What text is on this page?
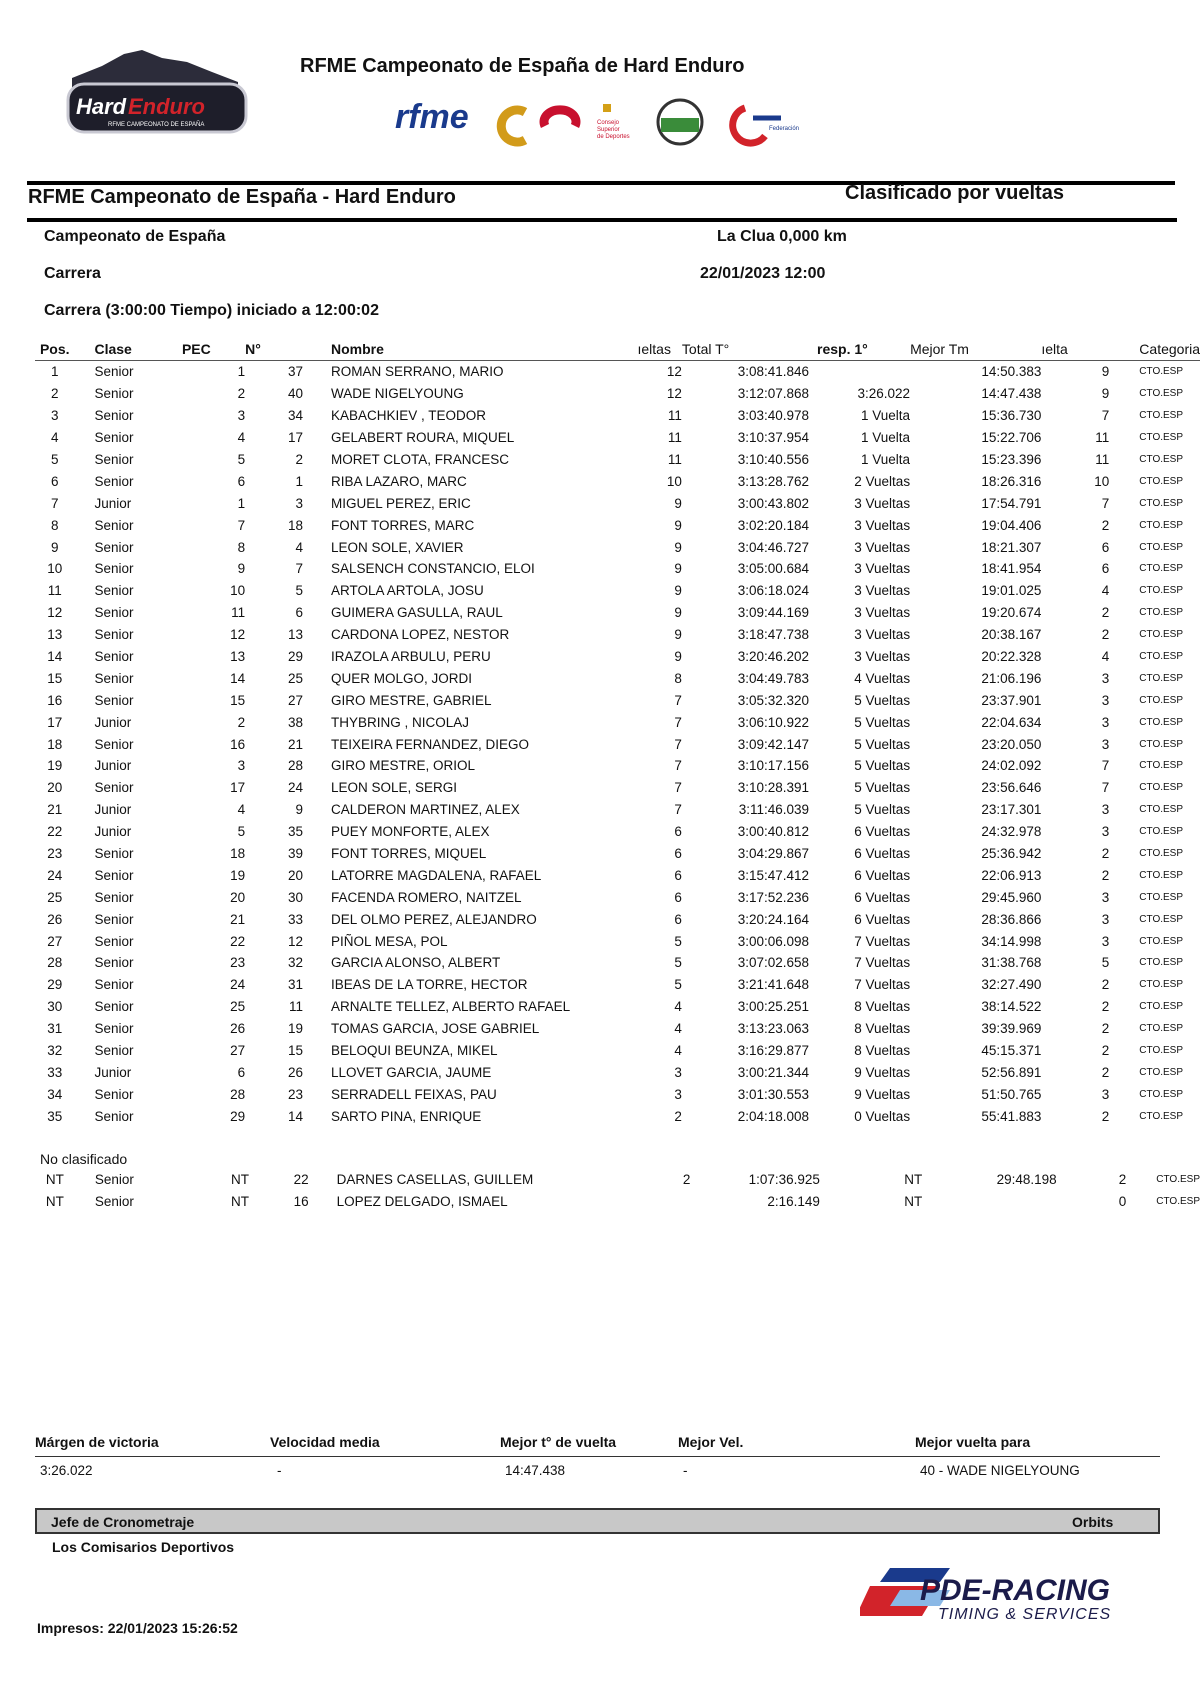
Hard Enduro
RFME CAMPEONATO DE ESPAÑA
RFME Campeonato de España de Hard Enduro
rfme	Consejo
Superior
de Deportes
Federación
RFME Campeonato de España - Hard Enduro	Clasificado por vueltas
Campeonato de España	La Clua 0,000 km
Carrera	22/01/2023 12:00
Carrera (3:00:00 Tiempo) iniciado a 12:00:02
Pos.	Clase	PEC	N°	Nombre	ıeltas	Total T°	resp. 1°	Mejor Tm	ıelta	Categoria
1	Senior	1	37	ROMAN SERRANO, MARIO	12	3:08:41.846		14:50.383	9	CTO.ESP
2	Senior	2	40	WADE NIGELYOUNG	12	3:12:07.868	3:26.022	14:47.438	9	CTO.ESP
3	Senior	3	34	KABACHKIEV , TEODOR	11	3:03:40.978	1 Vuelta	15:36.730	7	CTO.ESP
4	Senior	4	17	GELABERT ROURA, MIQUEL	11	3:10:37.954	1 Vuelta	15:22.706	11	CTO.ESP
5	Senior	5	2	MORET CLOTA, FRANCESC	11	3:10:40.556	1 Vuelta	15:23.396	11	CTO.ESP
6	Senior	6	1	RIBA LAZARO, MARC	10	3:13:28.762	2 Vueltas	18:26.316	10	CTO.ESP
7	Junior	1	3	MIGUEL PEREZ, ERIC	9	3:00:43.802	3 Vueltas	17:54.791	7	CTO.ESP
8	Senior	7	18	FONT TORRES, MARC	9	3:02:20.184	3 Vueltas	19:04.406	2	CTO.ESP
9	Senior	8	4	LEON SOLE, XAVIER	9	3:04:46.727	3 Vueltas	18:21.307	6	CTO.ESP
10	Senior	9	7	SALSENCH CONSTANCIO, ELOI	9	3:05:00.684	3 Vueltas	18:41.954	6	CTO.ESP
11	Senior	10	5	ARTOLA ARTOLA, JOSU	9	3:06:18.024	3 Vueltas	19:01.025	4	CTO.ESP
12	Senior	11	6	GUIMERA GASULLA, RAUL	9	3:09:44.169	3 Vueltas	19:20.674	2	CTO.ESP
13	Senior	12	13	CARDONA LOPEZ, NESTOR	9	3:18:47.738	3 Vueltas	20:38.167	2	CTO.ESP
14	Senior	13	29	IRAZOLA ARBULU, PERU	9	3:20:46.202	3 Vueltas	20:22.328	4	CTO.ESP
15	Senior	14	25	QUER MOLGO, JORDI	8	3:04:49.783	4 Vueltas	21:06.196	3	CTO.ESP
16	Senior	15	27	GIRO MESTRE, GABRIEL	7	3:05:32.320	5 Vueltas	23:37.901	3	CTO.ESP
17	Junior	2	38	THYBRING , NICOLAJ	7	3:06:10.922	5 Vueltas	22:04.634	3	CTO.ESP
18	Senior	16	21	TEIXEIRA FERNANDEZ, DIEGO	7	3:09:42.147	5 Vueltas	23:20.050	3	CTO.ESP
19	Junior	3	28	GIRO MESTRE, ORIOL	7	3:10:17.156	5 Vueltas	24:02.092	7	CTO.ESP
20	Senior	17	24	LEON SOLE, SERGI	7	3:10:28.391	5 Vueltas	23:56.646	7	CTO.ESP
21	Junior	4	9	CALDERON MARTINEZ, ALEX	7	3:11:46.039	5 Vueltas	23:17.301	3	CTO.ESP
22	Junior	5	35	PUEY MONFORTE, ALEX	6	3:00:40.812	6 Vueltas	24:32.978	3	CTO.ESP
23	Senior	18	39	FONT TORRES, MIQUEL	6	3:04:29.867	6 Vueltas	25:36.942	2	CTO.ESP
24	Senior	19	20	LATORRE MAGDALENA, RAFAEL	6	3:15:47.412	6 Vueltas	22:06.913	2	CTO.ESP
25	Senior	20	30	FACENDA ROMERO, NAITZEL	6	3:17:52.236	6 Vueltas	29:45.960	3	CTO.ESP
26	Senior	21	33	DEL OLMO PEREZ, ALEJANDRO	6	3:20:24.164	6 Vueltas	28:36.866	3	CTO.ESP
27	Senior	22	12	PIÑOL MESA, POL	5	3:00:06.098	7 Vueltas	34:14.998	3	CTO.ESP
28	Senior	23	32	GARCIA ALONSO, ALBERT	5	3:07:02.658	7 Vueltas	31:38.768	5	CTO.ESP
29	Senior	24	31	IBEAS DE LA TORRE, HECTOR	5	3:21:41.648	7 Vueltas	32:27.490	2	CTO.ESP
30	Senior	25	11	ARNALTE TELLEZ, ALBERTO RAFAEL	4	3:00:25.251	8 Vueltas	38:14.522	2	CTO.ESP
31	Senior	26	19	TOMAS GARCIA, JOSE GABRIEL	4	3:13:23.063	8 Vueltas	39:39.969	2	CTO.ESP
32	Senior	27	15	BELOQUI BEUNZA, MIKEL	4	3:16:29.877	8 Vueltas	45:15.371	2	CTO.ESP
33	Junior	6	26	LLOVET GARCIA, JAUME	3	3:00:21.344	9 Vueltas	52:56.891	2	CTO.ESP
34	Senior	28	23	SERRADELL FEIXAS, PAU	3	3:01:30.553	9 Vueltas	51:50.765	3	CTO.ESP
35	Senior	29	14	SARTO PINA, ENRIQUE	2	2:04:18.008	0 Vueltas	55:41.883	2	CTO.ESP
No clasificado
NT	Senior	NT	22	DARNES CASELLAS, GUILLEM	2	1:07:36.925	NT	29:48.198	2	CTO.ESP
NT	Senior	NT	16	LOPEZ DELGADO, ISMAEL		2:16.149	NT		0	CTO.ESP
Márgen de victoria	Velocidad media	Mejor t° de vuelta	Mejor Vel.	Mejor vuelta para
3:26.022	-	14:47.438	-	40 - WADE NIGELYOUNG
Jefe de Cronometraje	Orbits
Los Comisarios Deportivos
Impresos: 22/01/2023 15:26:52
PDE-RACING
TIMING & SERVICES
